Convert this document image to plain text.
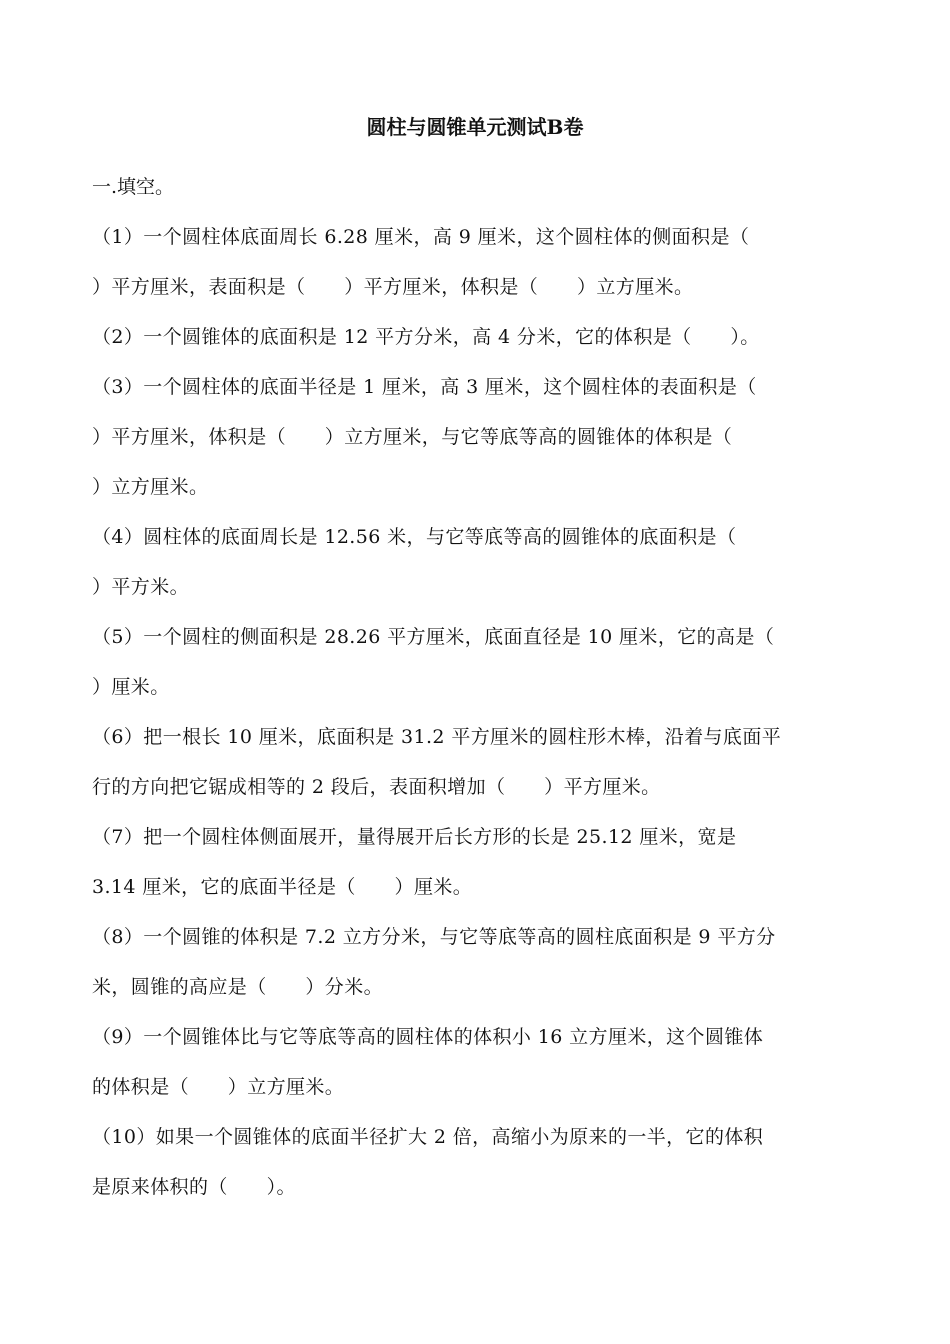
圆柱与圆锥单元测试B卷
一.填空。
（1）一个圆柱体底面周长 6.28 厘米，高 9 厘米，这个圆柱体的侧面积是（
）平方厘米，表面积是（　　）平方厘米，体积是（　　）立方厘米。
（2）一个圆锥体的底面积是 12 平方分米，高 4 分米，它的体积是（　　）。
（3）一个圆柱体的底面半径是 1 厘米，高 3 厘米，这个圆柱体的表面积是（
）平方厘米，体积是（　　）立方厘米，与它等底等高的圆锥体的体积是（
）立方厘米。
（4）圆柱体的底面周长是 12.56 米，与它等底等高的圆锥体的底面积是（
）平方米。
（5）一个圆柱的侧面积是 28.26 平方厘米，底面直径是 10 厘米，它的高是（
）厘米。
（6）把一根长 10 厘米，底面积是 31.2 平方厘米的圆柱形木棒，沿着与底面平
行的方向把它锯成相等的 2 段后，表面积增加（　　）平方厘米。
（7）把一个圆柱体侧面展开，量得展开后长方形的长是 25.12 厘米，宽是
3.14 厘米，它的底面半径是（　　）厘米。
（8）一个圆锥的体积是 7.2 立方分米，与它等底等高的圆柱底面积是 9 平方分
米，圆锥的高应是（　　）分米。
（9）一个圆锥体比与它等底等高的圆柱体的体积小 16 立方厘米，这个圆锥体
的体积是（　　）立方厘米。
（10）如果一个圆锥体的底面半径扩大 2 倍，高缩小为原来的一半，它的体积
是原来体积的（　　）。
